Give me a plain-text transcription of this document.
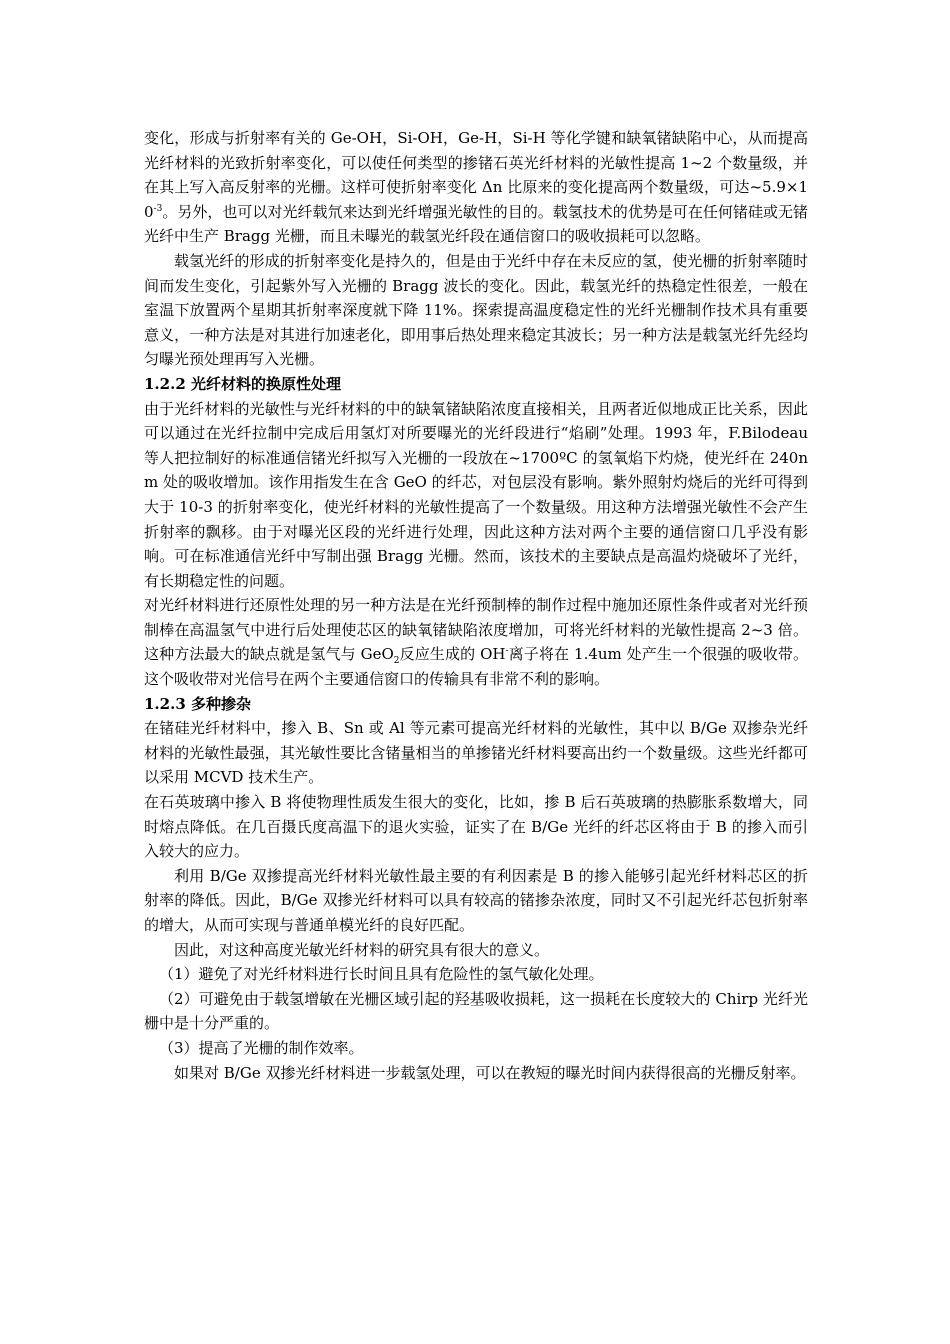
变化，形成与折射率有关的 Ge-OH，Si-OH，Ge-H，Si-H 等化学键和缺氧锗缺陷中心，从而提高光纤材料的光致折射率变化，可以使任何类型的掺锗石英光纤材料的光敏性提高 1~2 个数量级，并在其上写入高反射率的光栅。这样可使折射率变化 Δn 比原来的变化提高两个数量级，可达$\sim 5.9\times 10^{-3}$。另外，也可以对光纤载氘来达到光纤增强光敏性的目的。载氢技术的优势是可在任何锗硅或无锗光纤中生产 Bragg 光栅，而且未曝光的载氢光纤段在通信窗口的吸收损耗可以忽略。

载氢光纤的形成的折射率变化是持久的，但是由于光纤中存在未反应的氢，使光栅的折射率随时间而发生变化，引起紫外写入光栅的 Bragg 波长的变化。因此，载氢光纤的热稳定性很差，一般在室温下放置两个星期其折射率深度就下降 11%。探索提高温度稳定性的光纤光栅制作技术具有重要意义，一种方法是对其进行加速老化，即用事后热处理来稳定其波长；另一种方法是载氢光纤先经均匀曝光预处理再写入光栅。

1.2.2 光纤材料的换原性处理

由于光纤材料的光敏性与光纤材料的中的缺氧锗缺陷浓度直接相关，且两者近似地成正比关系，因此可以通过在光纤拉制中完成后用氢灯对所要曝光的光纤段进行“焰刷”处理。1993 年，F.Bilodeau 等人把拉制好的标准通信锗光纤拟写入光栅的一段放在~1700ºC 的氢氧焰下灼烧，使光纤在 240nm 处的吸收增加。该作用指发生在含 GeO 的纤芯，对包层没有影响。紫外照射灼烧后的光纤可得到大于 10-3 的折射率变化，使光纤材料的光敏性提高了一个数量级。用这种方法增强光敏性不会产生折射率的飘移。由于对曝光区段的光纤进行处理，因此这种方法对两个主要的通信窗口几乎没有影响。可在标准通信光纤中写制出强 Bragg 光栅。然而，该技术的主要缺点是高温灼烧破坏了光纤，有长期稳定性的问题。

对光纤材料进行还原性处理的另一种方法是在光纤预制棒的制作过程中施加还原性条件或者对光纤预制棒在高温氢气中进行后处理使芯区的缺氧锗缺陷浓度增加，可将光纤材料的光敏性提高 2~3 倍。这种方法最大的缺点就是氢气与 GeO$_2$反应生成的 OH-离子将在 1.4um 处产生一个很强的吸收带。这个吸收带对光信号在两个主要通信窗口的传输具有非常不利的影响。

1.2.3 多种掺杂

在锗硅光纤材料中，掺入 B、Sn 或 Al 等元素可提高光纤材料的光敏性，其中以 B/Ge 双掺杂光纤材料的光敏性最强，其光敏性要比含锗量相当的单掺锗光纤材料要高出约一个数量级。这些光纤都可以采用 MCVD 技术生产。

在石英玻璃中掺入 B 将使物理性质发生很大的变化，比如，掺 B 后石英玻璃的热膨胀系数增大，同时熔点降低。在几百摄氏度高温下的退火实验，证实了在 B/Ge 光纤的纤芯区将由于 B 的掺入而引入较大的应力。

利用 B/Ge 双掺提高光纤材料光敏性最主要的有利因素是 B 的掺入能够引起光纤材料芯区的折射率的降低。因此，B/Ge 双掺光纤材料可以具有较高的锗掺杂浓度，同时又不引起光纤芯包折射率的增大，从而可实现与普通单模光纤的良好匹配。

因此，对这种高度光敏光纤材料的研究具有很大的意义。

（1）避免了对光纤材料进行长时间且具有危险性的氢气敏化处理。

（2）可避免由于载氢增敏在光栅区域引起的羟基吸收损耗，这一损耗在长度较大的 Chirp 光纤光栅中是十分严重的。

（3）提高了光栅的制作效率。

如果对 B/Ge 双掺光纤材料进一步载氢处理，可以在教短的曝光时间内获得很高的光栅反射率。
